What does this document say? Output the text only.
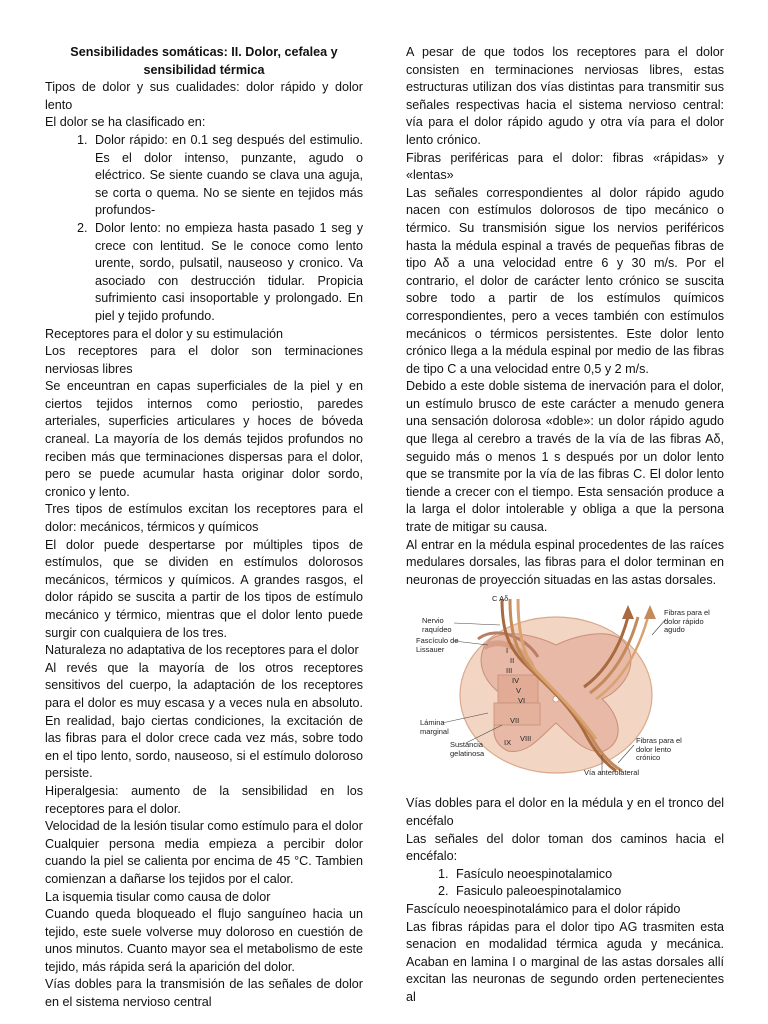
Sensibilidades somáticas: II. Dolor, cefalea y sensibilidad térmica

Tipos de dolor y sus cualidades: dolor rápido y dolor lento

El dolor se ha clasificado en:

1. Dolor rápido: en 0.1 seg después del estimulio. Es el dolor intenso, punzante, agudo o eléctrico. Se siente cuando se clava una aguja, se corta o quema. No se siente en tejidos más profundos-
2. Dolor lento: no empieza hasta pasado 1 seg y crece con lentitud. Se le conoce como lento urente, sordo, pulsatil, nauseoso y cronico. Va asociado con destrucción tidular. Propicia sufrimiento casi insoportable y prolongado. En piel y tejido profundo.

Receptores para el dolor y su estimulación

Los receptores para el dolor son terminaciones nerviosas libres

Se enceuntran en capas superficiales de la piel y en ciertos tejidos internos como periostio, paredes arteriales, superficies articulares y hoces de bóveda craneal. La mayoría de los demás tejidos profundos no reciben más que terminaciones dispersas para el dolor, pero se puede acumular hasta originar dolor sordo, cronico y lento.

Tres tipos de estímulos excitan los receptores para el dolor: mecánicos, térmicos y químicos

El dolor puede despertarse por múltiples tipos de estímulos, que se dividen en estímulos dolorosos mecánicos, térmicos y químicos. A grandes rasgos, el dolor rápido se suscita a partir de los tipos de estímulo mecánico y térmico, mientras que el dolor lento puede surgir con cualquiera de los tres.

Naturaleza no adaptativa de los receptores para el dolor

Al revés que la mayoría de los otros receptores sensitivos del cuerpo, la adaptación de los receptores para el dolor es muy escasa y a veces nula en absoluto. En realidad, bajo ciertas condiciones, la excitación de las fibras para el dolor crece cada vez más, sobre todo en el tipo lento, sordo, nauseoso, si el estímulo doloroso persiste.

Hiperalgesia: aumento de la sensibilidad en los receptores para el dolor.

Velocidad de la lesión tisular como estímulo para el dolor

Cualquier persona media empieza a percibir dolor cuando la piel se calienta por encima de 45 °C. Tambien comienzan a dañarse los tejidos por el calor.

La isquemia tisular como causa de dolor

Cuando queda bloqueado el flujo sanguíneo hacia un tejido, este suele volverse muy doloroso en cuestión de unos minutos. Cuanto mayor sea el metabolismo de este tejido, más rápida será la aparición del dolor.

Vías dobles para la transmisión de las señales de dolor en el sistema nervioso central

A pesar de que todos los receptores para el dolor consisten en terminaciones nerviosas libres, estas estructuras utilizan dos vías distintas para transmitir sus señales respectivas hacia el sistema nervioso central: vía para el dolor rápido agudo y otra vía para el dolor lento crónico.

Fibras periféricas para el dolor: fibras «rápidas» y «lentas»

Las señales correspondientes al dolor rápido agudo nacen con estímulos dolorosos de tipo mecánico o térmico. Su transmisión sigue los nervios periféricos hasta la médula espinal a través de pequeñas fibras de tipo Aδ a una velocidad entre 6 y 30 m/s. Por el contrario, el dolor de carácter lento crónico se suscita sobre todo a partir de los estímulos químicos correspondientes, pero a veces también con estímulos mecánicos o térmicos persistentes. Este dolor lento crónico llega a la médula espinal por medio de las fibras de tipo C a una velocidad entre 0,5 y 2 m/s.

Debido a este doble sistema de inervación para el dolor, un estímulo brusco de este carácter a menudo genera una sensación dolorosa «doble»: un dolor rápido agudo que llega al cerebro a través de la vía de las fibras Aδ, seguido más o menos 1 s después por un dolor lento que se transmite por la vía de las fibras C. El dolor lento tiende a crecer con el tiempo. Esta sensación produce a la larga el dolor intolerable y obliga a que la persona trate de mitigar su causa.

Al entrar en la médula espinal procedentes de las raíces medulares dorsales, las fibras para el dolor terminan en neuronas de proyección situadas en las astas dorsales.

C Aδ
Nervio raquídeo
Fascículo de Lissauer
Fibras para el dolor rápido agudo
Lámina marginal
Sustancia gelatinosa
Vía anterolateral
Fibras para el dolor lento crónico
I
II
III
IV
V
VI
VII
VIII
IX

Vías dobles para el dolor en la médula y en el tronco del encéfalo

Las señales del dolor toman dos caminos hacia el encéfalo:

1. Fasículo neoespinotalamico
2. Fasiculo paleoespinotalamico

Fascículo neoespinotalámico para el dolor rápido

Las fibras rápidas para el dolor tipo AG trasmiten esta senacion en modalidad térmica aguda y mecánica. Acaban en lamina I o marginal de las astas dorsales allí excitan las neuronas de segundo orden pertenecientes al
